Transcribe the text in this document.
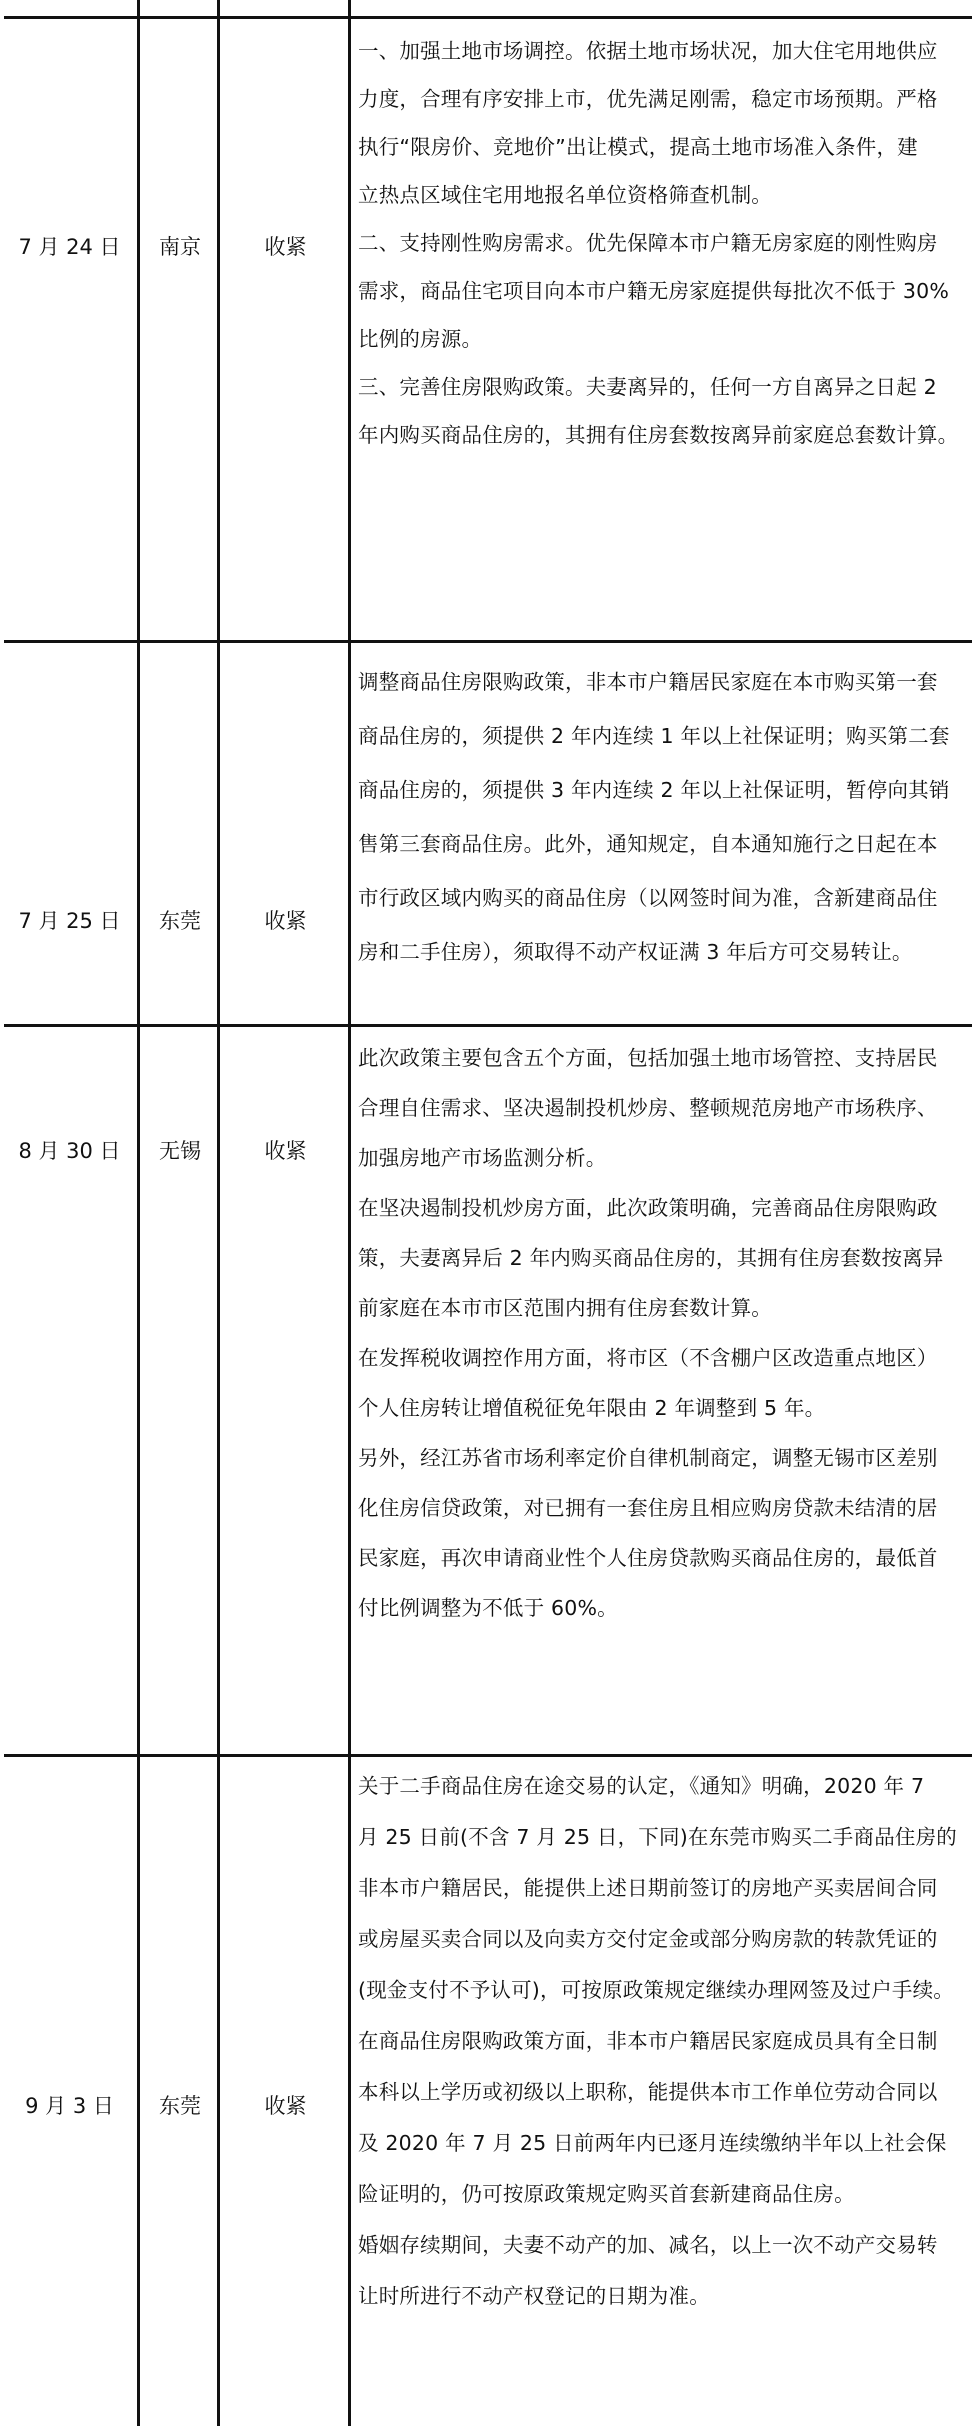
7 月 24 日	南京	收紧
一、加强土地市场调控。依据土地市场状况，加大住宅用地供应
力度，合理有序安排上市，优先满足刚需，稳定市场预期。严格
执行“限房价、竞地价”出让模式，提高土地市场准入条件，建
立热点区域住宅用地报名单位资格筛查机制。
二、支持刚性购房需求。优先保障本市户籍无房家庭的刚性购房
需求，商品住宅项目向本市户籍无房家庭提供每批次不低于 30%
比例的房源。
三、完善住房限购政策。夫妻离异的，任何一方自离异之日起 2
年内购买商品住房的，其拥有住房套数按离异前家庭总套数计算。
7 月 25 日	东莞	收紧
调整商品住房限购政策，非本市户籍居民家庭在本市购买第一套
商品住房的，须提供 2 年内连续 1 年以上社保证明；购买第二套
商品住房的，须提供 3 年内连续 2 年以上社保证明，暂停向其销
售第三套商品住房。此外，通知规定，自本通知施行之日起在本
市行政区域内购买的商品住房（以网签时间为准，含新建商品住
房和二手住房），须取得不动产权证满 3 年后方可交易转让。
8 月 30 日	无锡	收紧
此次政策主要包含五个方面，包括加强土地市场管控、支持居民
合理自住需求、坚决遏制投机炒房、整顿规范房地产市场秩序、
加强房地产市场监测分析。
在坚决遏制投机炒房方面，此次政策明确，完善商品住房限购政
策，夫妻离异后 2 年内购买商品住房的，其拥有住房套数按离异
前家庭在本市市区范围内拥有住房套数计算。
在发挥税收调控作用方面，将市区（不含棚户区改造重点地区）
个人住房转让增值税征免年限由 2 年调整到 5 年。
另外，经江苏省市场利率定价自律机制商定，调整无锡市区差别
化住房信贷政策，对已拥有一套住房且相应购房贷款未结清的居
民家庭，再次申请商业性个人住房贷款购买商品住房的，最低首
付比例调整为不低于 60%。
9 月 3 日	东莞	收紧
关于二手商品住房在途交易的认定，《通知》明确，2020 年 7
月 25 日前(不含 7 月 25 日，下同)在东莞市购买二手商品住房的
非本市户籍居民，能提供上述日期前签订的房地产买卖居间合同
或房屋买卖合同以及向卖方交付定金或部分购房款的转款凭证的
(现金支付不予认可)，可按原政策规定继续办理网签及过户手续。
在商品住房限购政策方面，非本市户籍居民家庭成员具有全日制
本科以上学历或初级以上职称，能提供本市工作单位劳动合同以
及 2020 年 7 月 25 日前两年内已逐月连续缴纳半年以上社会保
险证明的，仍可按原政策规定购买首套新建商品住房。
婚姻存续期间，夫妻不动产的加、减名，以上一次不动产交易转
让时所进行不动产权登记的日期为准。
